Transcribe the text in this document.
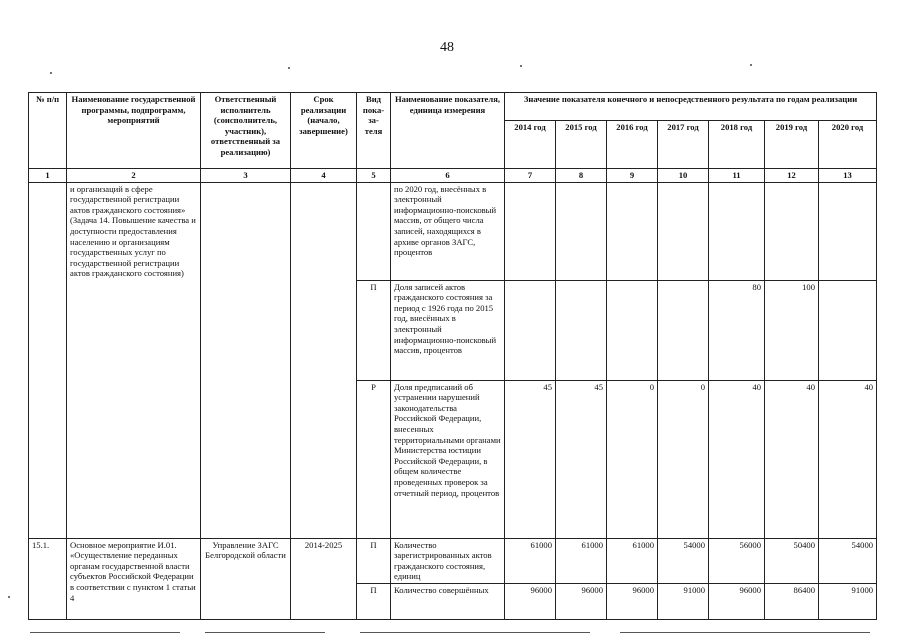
48
№ п/п	Наименование государственной программы, подпрограмм, мероприятий	Ответственный исполнитель (соисполнитель, участник), ответственный за реализацию)	Срок реализации (начало, завершение)	Вид пока-за-теля	Наименование показателя, единица измерения	Значение показателя конечного и непосредственного результата по годам реализации						
						2014 год	2015 год	2016 год	2017 год	2018 год	2019 год	2020 год
1	2	3	4	5	6	7	8	9	10	11	12	13
	и организаций в сфере государственной регистрации актов гражданского состояния» (Задача 14. Повышение качества и доступности предоставления населению и организациям государственных услуг по государственной регистрации актов гражданского состояния)				по 2020 год, внесённых в электронный информационно-поисковый массив, от общего числа записей, находящихся в архиве органов ЗАГС, процентов							
				П	Доля записей актов гражданского состояния за период с 1926 года по 2015 год, внесённых в электронный информационно-поисковый массив, процентов					80	100	
				Р	Доля предписаний об устранении нарушений законодательства Российской Федерации, внесенных территориальными органами Министерства юстиции Российской Федерации, в общем количестве проведенных проверок за отчетный период, процентов	45	45	0	0	40	40	40
15.1.	Основное мероприятие И.01. «Осуществление переданных органам государственной власти субъектов Российской Федерации в соответствии с пунктом 1 статьи 4	Управление ЗАГС Белгородской области	2014-2025	П	Количество зарегистрированных актов гражданского состояния, единиц	61000	61000	61000	54000	56000	50400	54000
				П	Количество совершённых	96000	96000	96000	91000	96000	86400	91000
